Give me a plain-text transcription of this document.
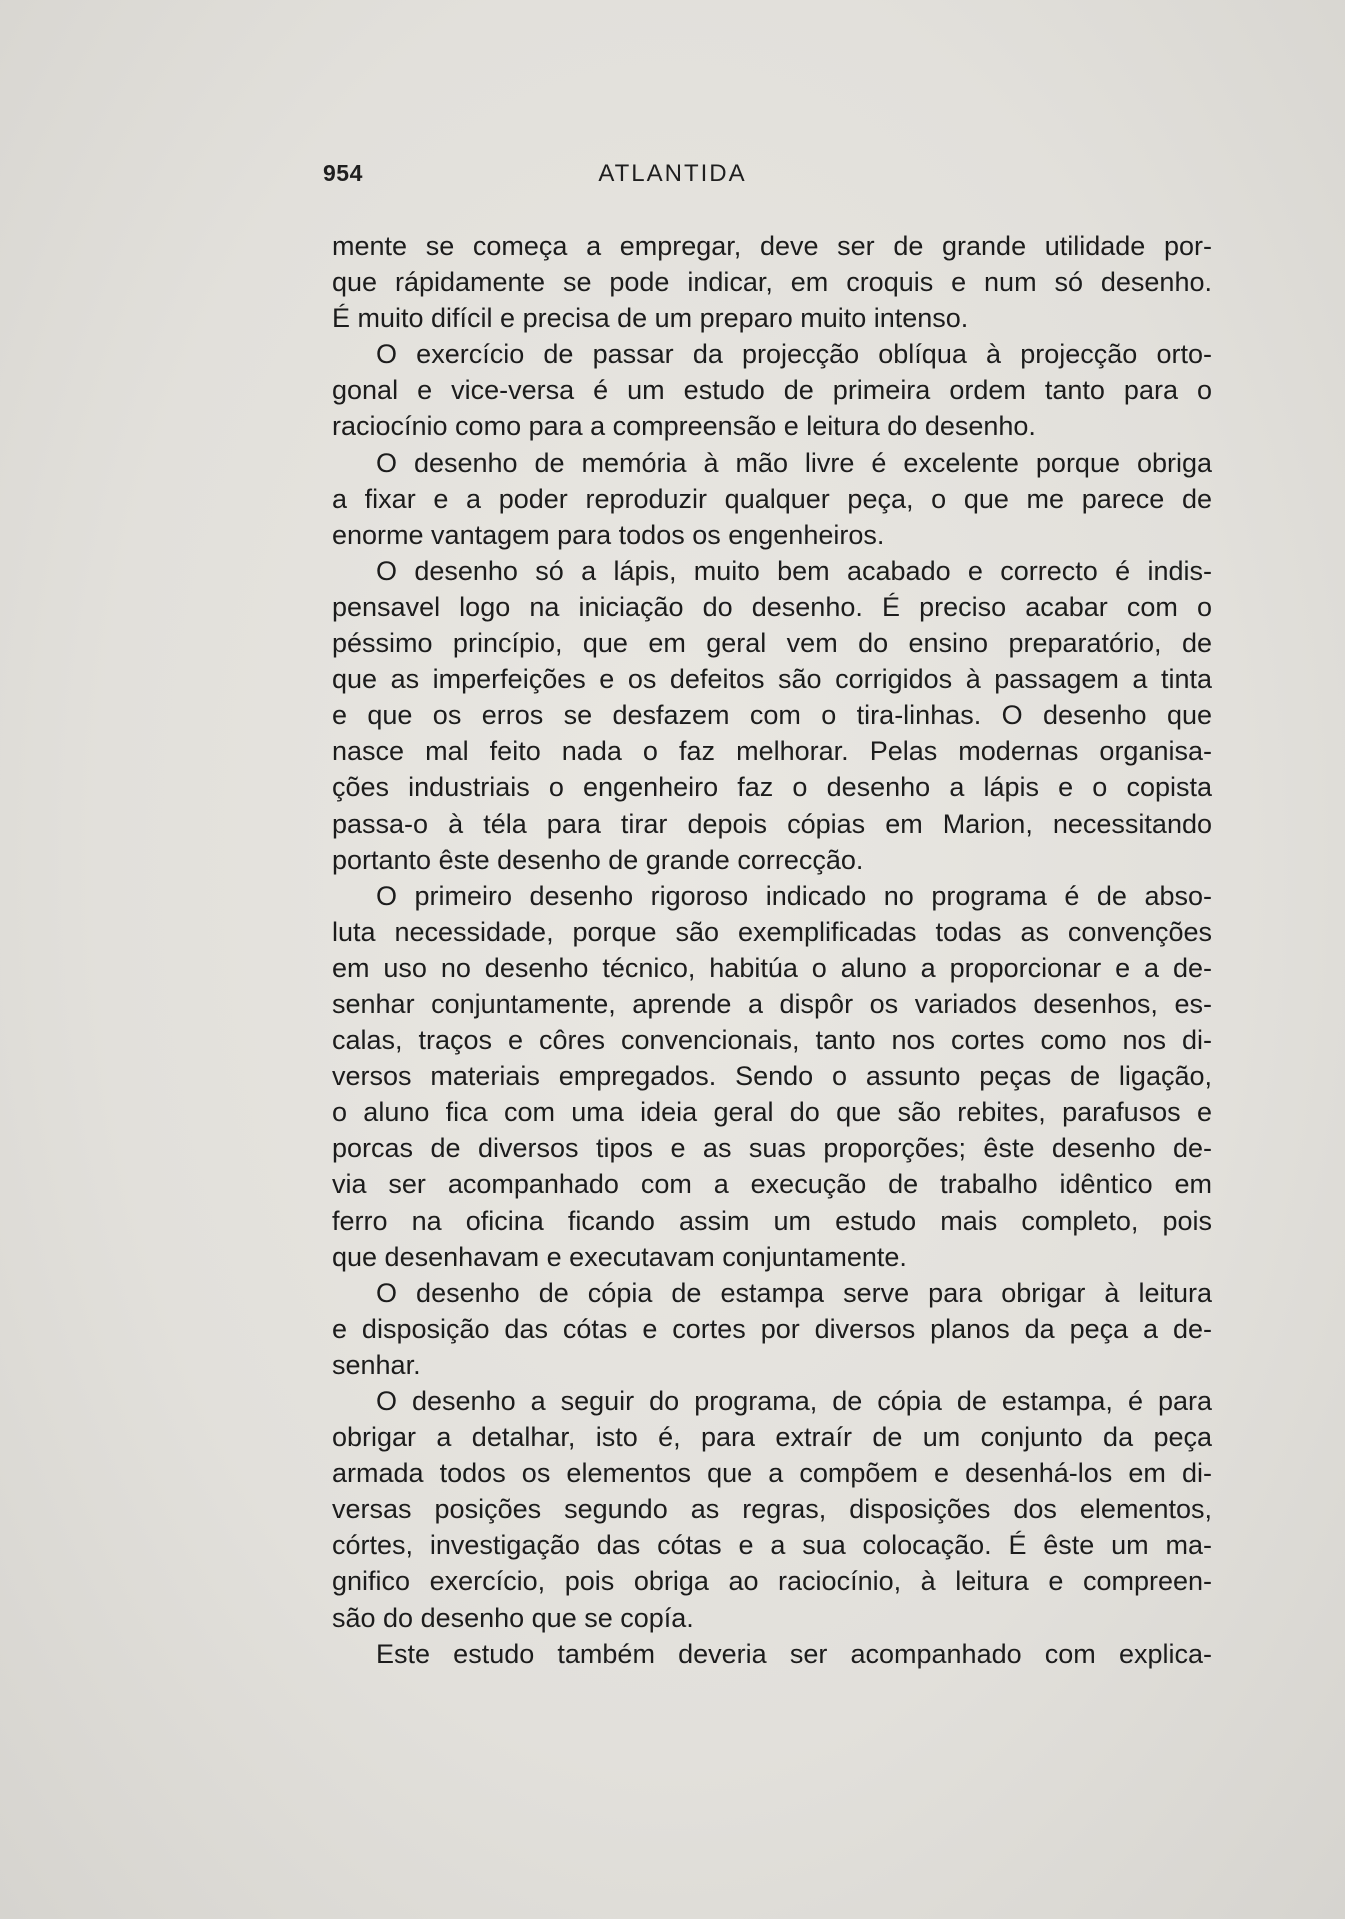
954	ATLANTIDA
mente se começa a empregar, deve ser de grande utilidade por-
que rápidamente se pode indicar, em croquis e num só desenho.
É muito difícil e precisa de um preparo muito intenso.
O exercício de passar da projecção oblíqua à projecção orto-
gonal e vice-versa é um estudo de primeira ordem tanto para o
raciocínio como para a compreensão e leitura do desenho.
O desenho de memória à mão livre é excelente porque obriga
a fixar e a poder reproduzir qualquer peça, o que me parece de
enorme vantagem para todos os engenheiros.
O desenho só a lápis, muito bem acabado e correcto é indis-
pensavel logo na iniciação do desenho. É preciso acabar com o
péssimo princípio, que em geral vem do ensino preparatório, de
que as imperfeições e os defeitos são corrigidos à passagem a tinta
e que os erros se desfazem com o tira-linhas. O desenho que
nasce mal feito nada o faz melhorar. Pelas modernas organisa-
ções industriais o engenheiro faz o desenho a lápis e o copista
passa-o à téla para tirar depois cópias em Marion, necessitando
portanto êste desenho de grande correcção.
O primeiro desenho rigoroso indicado no programa é de abso-
luta necessidade, porque são exemplificadas todas as convenções
em uso no desenho técnico, habitúa o aluno a proporcionar e a de-
senhar conjuntamente, aprende a dispôr os variados desenhos, es-
calas, traços e côres convencionais, tanto nos cortes como nos di-
versos materiais empregados. Sendo o assunto peças de ligação,
o aluno fica com uma ideia geral do que são rebites, parafusos e
porcas de diversos tipos e as suas proporções; êste desenho de-
via ser acompanhado com a execução de trabalho idêntico em
ferro na oficina ficando assim um estudo mais completo, pois
que desenhavam e executavam conjuntamente.
O desenho de cópia de estampa serve para obrigar à leitura
e disposição das cótas e cortes por diversos planos da peça a de-
senhar.
O desenho a seguir do programa, de cópia de estampa, é para
obrigar a detalhar, isto é, para extraír de um conjunto da peça
armada todos os elementos que a compõem e desenhá-los em di-
versas posições segundo as regras, disposições dos elementos,
córtes, investigação das cótas e a sua colocação. É êste um ma-
gnifico exercício, pois obriga ao raciocínio, à leitura e compreen-
são do desenho que se copía.
Este estudo também deveria ser acompanhado com explica-
